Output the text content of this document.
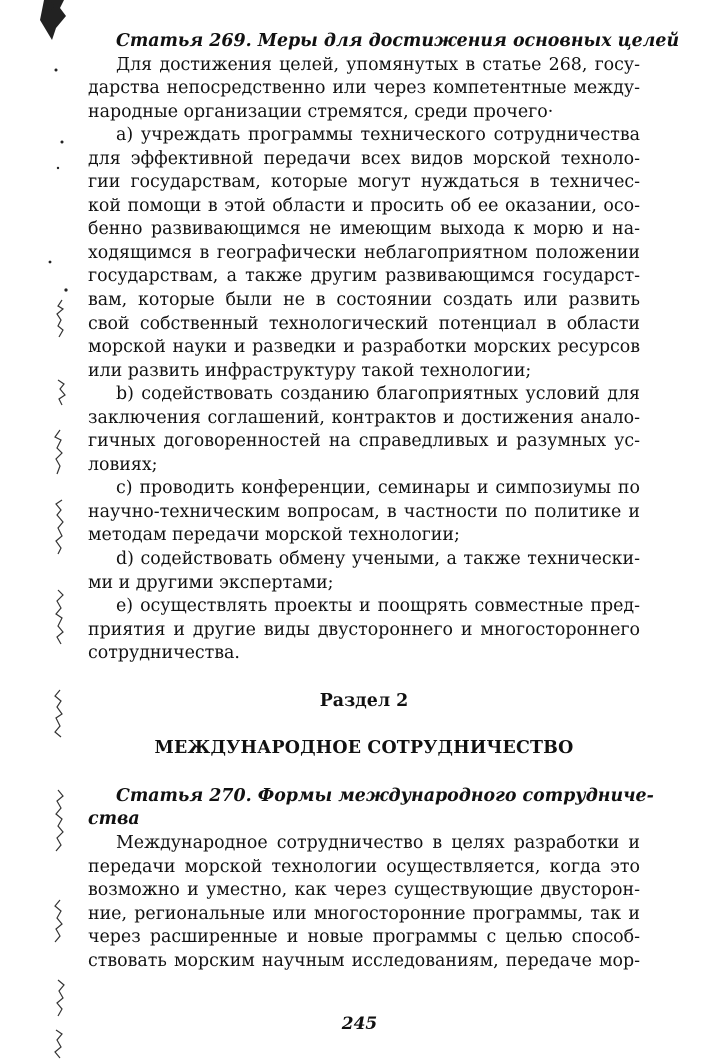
Статья 269. Меры для достижения основных целей
Для достижения целей, упомянутых в статье 268, госу-
дарства непосредственно или через компетентные между-
народные организации стремятся, среди прочего·
a) учреждать программы технического сотрудничества
для эффективной передачи всех видов морской техноло-
гии государствам, которые могут нуждаться в техничес-
кой помощи в этой области и просить об ее оказании, осо-
бенно развивающимся не имеющим выхода к морю и на-
ходящимся в географически неблагоприятном положении
государствам, а также другим развивающимся государст-
вам, которые были не в состоянии создать или развить
свой собственный технологический потенциал в области
морской науки и разведки и разработки морских ресурсов
или развить инфраструктуру такой технологии;
b) содействовать созданию благоприятных условий для
заключения соглашений, контрактов и достижения анало-
гичных договоренностей на справедливых и разумных ус-
ловиях;
c) проводить конференции, семинары и симпозиумы по
научно-техническим вопросам, в частности по политике и
методам передачи морской технологии;
d) содействовать обмену учеными, а также технически-
ми и другими экспертами;
e) осуществлять проекты и поощрять совместные пред-
приятия и другие виды двустороннего и многостороннего
сотрудничества.
Раздел 2
МЕЖДУНАРОДНОЕ СОТРУДНИЧЕСТВО
Статья 270. Формы международного сотрудниче-
ства
Международное сотрудничество в целях разработки и
передачи морской технологии осуществляется, когда это
возможно и уместно, как через существующие двусторон-
ние, региональные или многосторонние программы, так и
через расширенные и новые программы с целью способ-
ствовать морским научным исследованиям, передаче мор-
245
